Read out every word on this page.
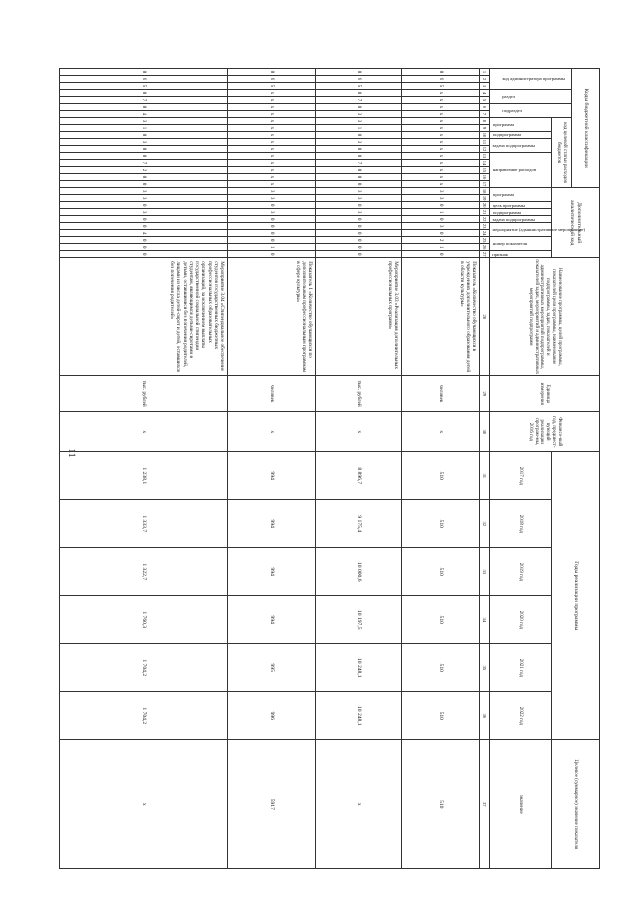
11
Коды бюджетной классификации																	Дополнительный аналитический код										Наименование программы, целей программы, показателей цели программы, наименование подпрограммы, задач, показателей и административных мероприятий подпрограммы, показателей задач, мероприятий и административных мероприятий подпрограмм	Единица измерения	Финансо-вый год, предшест-вующий реализации програм-мы, 2016 год	Годы реализации программы						Целевое (суммарное) значение показателя

код администратора программы			раздел		подраздел		код целевой статьи расходов бюджетов																													

							программа		подпрограмма	задача подпрограммы		направление расходов					программа		цель программы	подпрограмма	задача подпрограммы	мероприятие (административное мероприятие)		номер показателя		признак				2017 год	2018 год	2019 год	2020 год	2021 год	2022 год	значение
1	2	3	4	5	6	7	8	9	10	11	12	13	14	15	16	17	18	19	20	21	22	23	24	25	26	27	28	29	30	31	32	33	34	35	36	37
0	6	5	х	х	х	х	х	х	х	х	х	х	х	х	х	х	3	3	0	1	0	3	0	2	1	0	Показатель «Количество обучающихся в учреждениях дополнительного образования детей в области культуры»	человек	х	510	510	510	510	510	510	510
0	6	5	0	7	0	3	3	1	0	3	0	0	7	0	0	0	3	3	0	3	0	0	0	0	0	0	Мероприятие 3.03 «Реализация дополнительных профессиональных программ»	тыс. рублей	х	8 896,7	9 175,4	10 000,6	10 197,5	10 248,1	10 248,1	х
0	6	5	х	х	х	х	х	х	х	х	х	х	х	х	х	х	3	3	0	3	0	0	0	0	1	0	Показатель 1 «Количество обучающихся по дополнительным профессиональным программам в сфере культуры»	человек	х	994	994	994	994	995	996	5917
0	6	5	0	7	0	4	3	1	0	3	0	0	7	2	0	0	3	3	0	3	0	0	4	0	0	0	Мероприятие 3.04 «Стипендиальное обеспечение студентов государственных бюджетных профессиональных образовательных организаций, за исключением выплаты государственной социальной стипендии студентам, являющимся детьми-сиротами и детьми, оставшимися без попечения родителей, лицами из числа детей-сирот и детей, оставшихся без попечения родителей»	тыс. рублей	х	1 238,1	1 333,7	1 322,7	1 760,3	1 704,2	1 704,2	х
